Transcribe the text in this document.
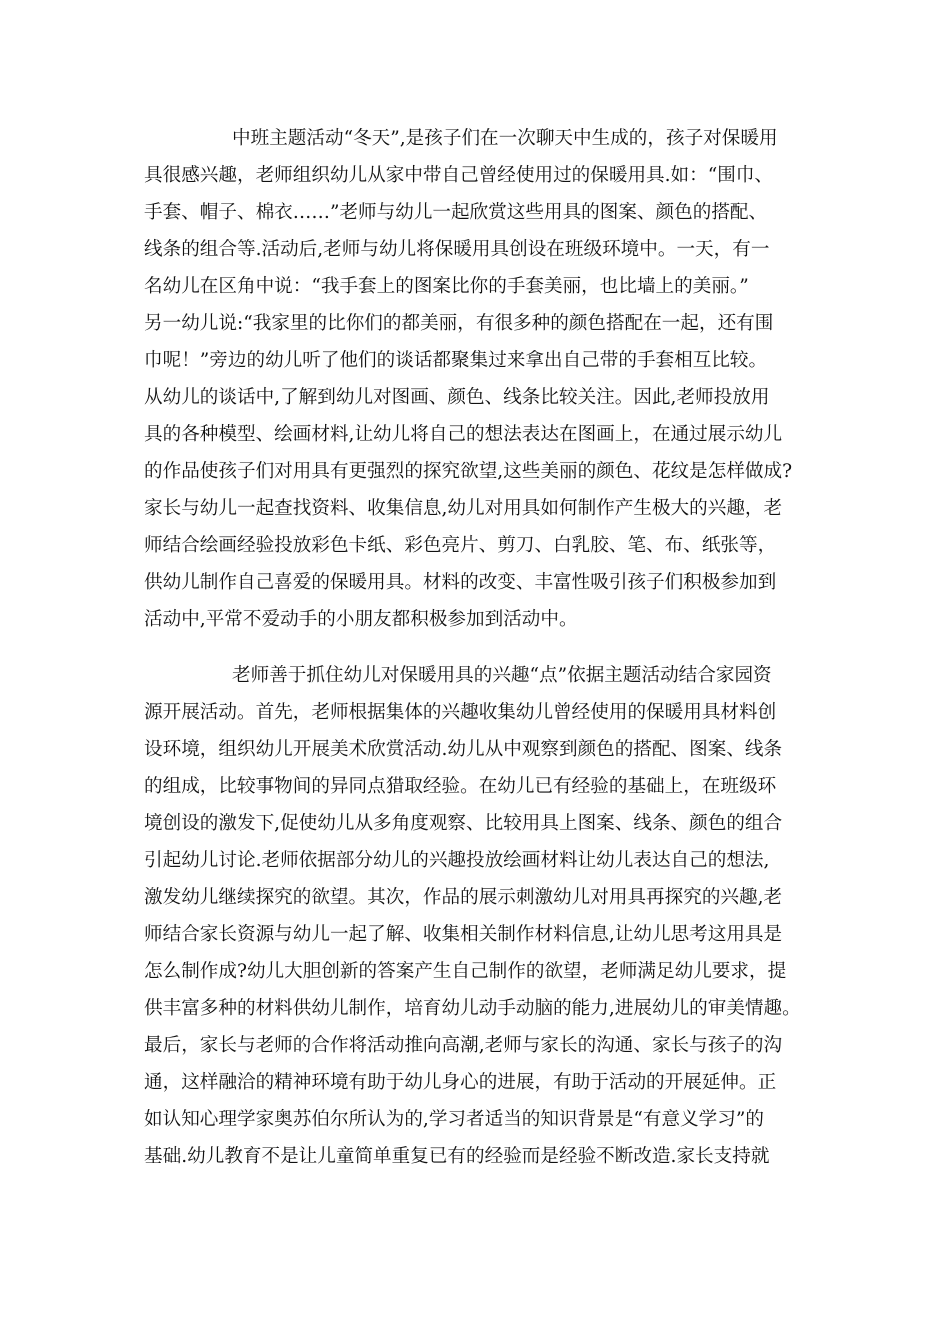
中班主题活动“冬天”,是孩子们在一次聊天中生成的，孩子对保暖用
具很感兴趣，老师组织幼儿从家中带自己曾经使用过的保暖用具.如：“围巾、
手套、帽子、棉衣……”老师与幼儿一起欣赏这些用具的图案、颜色的搭配、
线条的组合等.活动后,老师与幼儿将保暖用具创设在班级环境中。一天，有一
名幼儿在区角中说：“我手套上的图案比你的手套美丽，也比墙上的美丽。”
另一幼儿说:“我家里的比你们的都美丽，有很多种的颜色搭配在一起，还有围
巾呢！”旁边的幼儿听了他们的谈话都聚集过来拿出自己带的手套相互比较。
从幼儿的谈话中,了解到幼儿对图画、颜色、线条比较关注。因此,老师投放用
具的各种模型、绘画材料,让幼儿将自己的想法表达在图画上，在通过展示幼儿
的作品使孩子们对用具有更强烈的探究欲望,这些美丽的颜色、花纹是怎样做成?
家长与幼儿一起查找资料、收集信息,幼儿对用具如何制作产生极大的兴趣，老
师结合绘画经验投放彩色卡纸、彩色亮片、剪刀、白乳胶、笔、布、纸张等，
供幼儿制作自己喜爱的保暖用具。材料的改变、丰富性吸引孩子们积极参加到
活动中,平常不爱动手的小朋友都积极参加到活动中。
老师善于抓住幼儿对保暖用具的兴趣“点”依据主题活动结合家园资
源开展活动。首先，老师根据集体的兴趣收集幼儿曾经使用的保暖用具材料创
设环境，组织幼儿开展美术欣赏活动.幼儿从中观察到颜色的搭配、图案、线条
的组成，比较事物间的异同点猎取经验。在幼儿已有经验的基础上，在班级环
境创设的激发下,促使幼儿从多角度观察、比较用具上图案、线条、颜色的组合
引起幼儿讨论.老师依据部分幼儿的兴趣投放绘画材料让幼儿表达自己的想法,
激发幼儿继续探究的欲望。其次，作品的展示刺激幼儿对用具再探究的兴趣,老
师结合家长资源与幼儿一起了解、收集相关制作材料信息,让幼儿思考这用具是
怎么制作成?幼儿大胆创新的答案产生自己制作的欲望，老师满足幼儿要求，提
供丰富多种的材料供幼儿制作，培育幼儿动手动脑的能力,进展幼儿的审美情趣。
最后，家长与老师的合作将活动推向高潮,老师与家长的沟通、家长与孩子的沟
通，这样融洽的精神环境有助于幼儿身心的进展，有助于活动的开展延伸。正
如认知心理学家奥苏伯尔所认为的,学习者适当的知识背景是“有意义学习”的
基础.幼儿教育不是让儿童简单重复已有的经验而是经验不断改造.家长支持就
